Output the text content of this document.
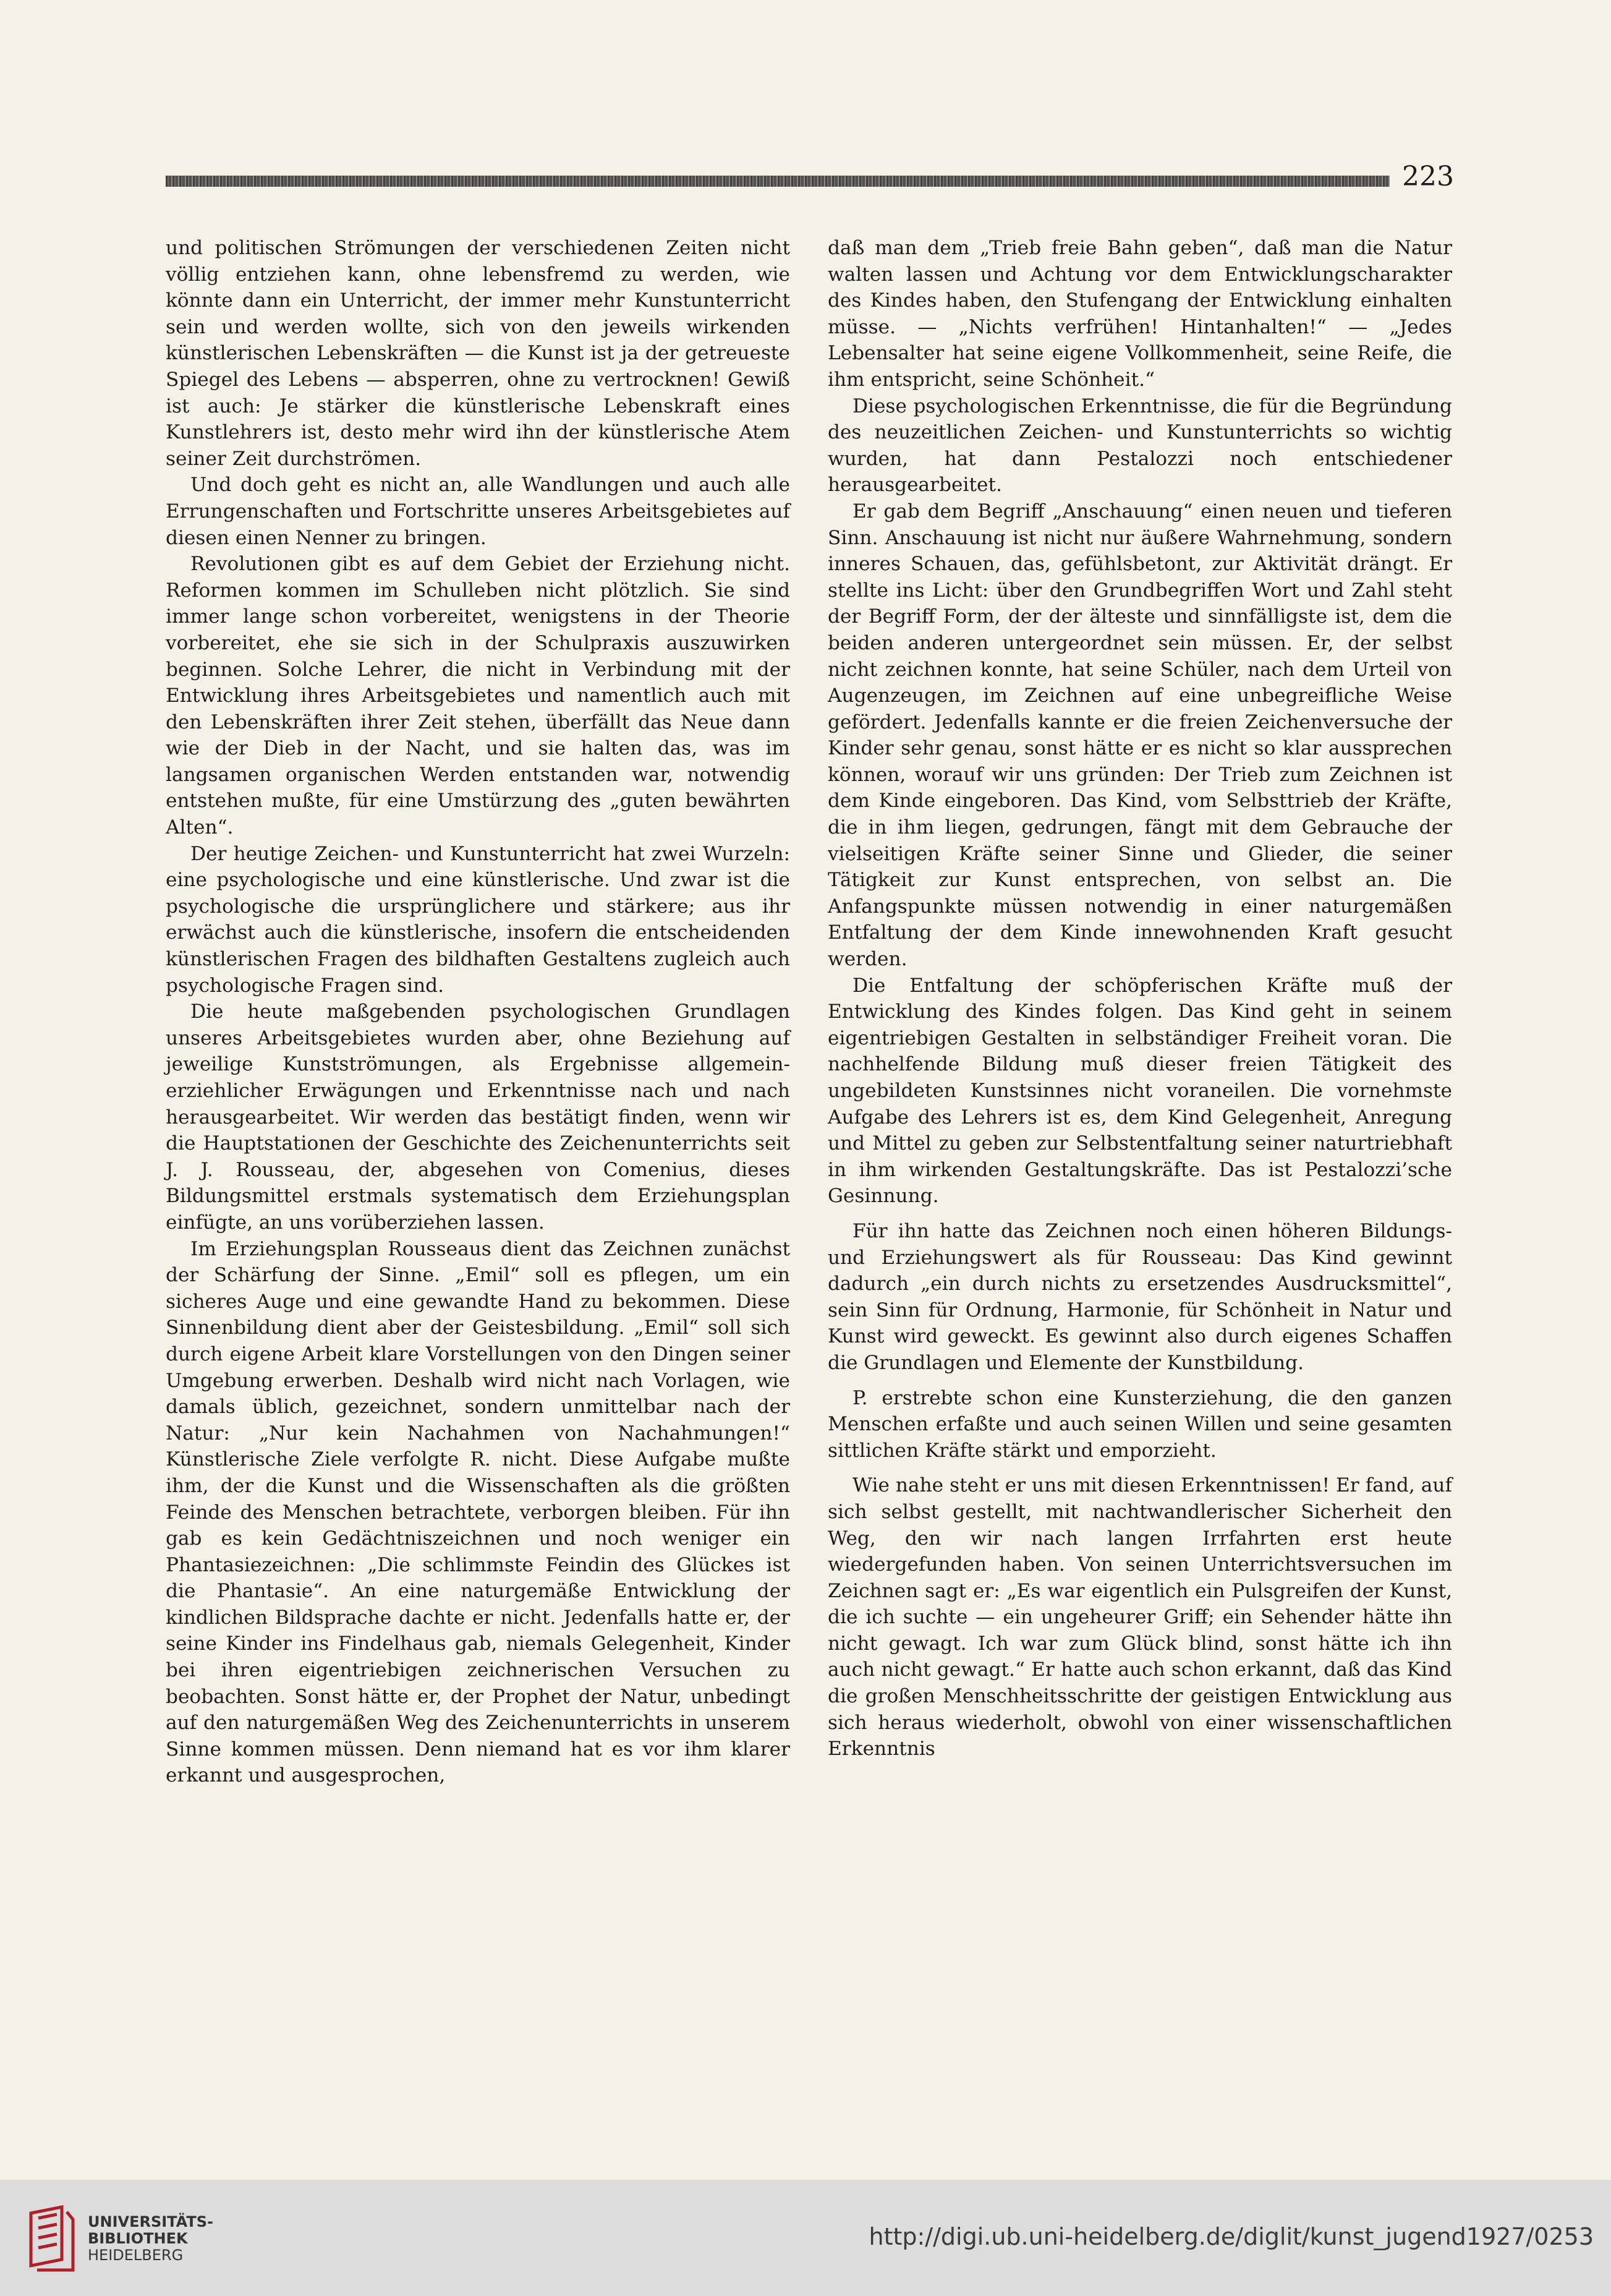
223

und politischen Strömungen der verschiedenen Zeiten nicht völlig entziehen kann, ohne lebensfremd zu werden, wie könnte dann ein Unterricht, der immer mehr Kunstunterricht sein und werden wollte, sich von den jeweils wirkenden künstlerischen Lebenskräften — die Kunst ist ja der getreueste Spiegel des Lebens — absperren, ohne zu vertrocknen! Gewiß ist auch: Je stärker die künstlerische Lebenskraft eines Kunstlehrers ist, desto mehr wird ihn der künstlerische Atem seiner Zeit durchströmen.

Und doch geht es nicht an, alle Wandlungen und auch alle Errungenschaften und Fortschritte unseres Arbeitsgebietes auf diesen einen Nenner zu bringen.

Revolutionen gibt es auf dem Gebiet der Erziehung nicht. Reformen kommen im Schulleben nicht plötzlich. Sie sind immer lange schon vorbereitet, wenigstens in der Theorie vorbereitet, ehe sie sich in der Schulpraxis auszuwirken beginnen. Solche Lehrer, die nicht in Verbindung mit der Entwicklung ihres Arbeitsgebietes und namentlich auch mit den Lebenskräften ihrer Zeit stehen, überfällt das Neue dann wie der Dieb in der Nacht, und sie halten das, was im langsamen organischen Werden entstanden war, notwendig entstehen mußte, für eine Umstürzung des „guten bewährten Alten“.

Der heutige Zeichen- und Kunstunterricht hat zwei Wurzeln: eine psychologische und eine künstlerische. Und zwar ist die psychologische die ursprünglichere und stärkere; aus ihr erwächst auch die künstlerische, insofern die entscheidenden künstlerischen Fragen des bildhaften Gestaltens zugleich auch psychologische Fragen sind.

Die heute maßgebenden psychologischen Grundlagen unseres Arbeitsgebietes wurden aber, ohne Beziehung auf jeweilige Kunstströmungen, als Ergebnisse allgemein-erziehlicher Erwägungen und Erkenntnisse nach und nach herausgearbeitet. Wir werden das bestätigt finden, wenn wir die Hauptstationen der Geschichte des Zeichenunterrichts seit J. J. Rousseau, der, abgesehen von Comenius, dieses Bildungsmittel erstmals systematisch dem Erziehungsplan einfügte, an uns vorüberziehen lassen.

Im Erziehungsplan Rousseaus dient das Zeichnen zunächst der Schärfung der Sinne. „Emil“ soll es pflegen, um ein sicheres Auge und eine gewandte Hand zu bekommen. Diese Sinnenbildung dient aber der Geistesbildung. „Emil“ soll sich durch eigene Arbeit klare Vorstellungen von den Dingen seiner Umgebung erwerben. Deshalb wird nicht nach Vorlagen, wie damals üblich, gezeichnet, sondern unmittelbar nach der Natur: „Nur kein Nachahmen von Nachahmungen!“ Künstlerische Ziele verfolgte R. nicht. Diese Aufgabe mußte ihm, der die Kunst und die Wissenschaften als die größten Feinde des Menschen betrachtete, verborgen bleiben. Für ihn gab es kein Gedächtniszeichnen und noch weniger ein Phantasiezeichnen: „Die schlimmste Feindin des Glückes ist die Phantasie“. An eine naturgemäße Entwicklung der kindlichen Bildsprache dachte er nicht. Jedenfalls hatte er, der seine Kinder ins Findelhaus gab, niemals Gelegenheit, Kinder bei ihren eigentriebigen zeichnerischen Versuchen zu beobachten. Sonst hätte er, der Prophet der Natur, unbedingt auf den naturgemäßen Weg des Zeichenunterrichts in unserem Sinne kommen müssen. Denn niemand hat es vor ihm klarer erkannt und ausgesprochen,

daß man dem „Trieb freie Bahn geben“, daß man die Natur walten lassen und Achtung vor dem Entwicklungscharakter des Kindes haben, den Stufengang der Entwicklung einhalten müsse. — „Nichts verfrühen! Hintanhalten!“ — „Jedes Lebensalter hat seine eigene Vollkommenheit, seine Reife, die ihm entspricht, seine Schönheit.“

Diese psychologischen Erkenntnisse, die für die Begründung des neuzeitlichen Zeichen- und Kunstunterrichts so wichtig wurden, hat dann Pestalozzi noch entschiedener herausgearbeitet.

Er gab dem Begriff „Anschauung“ einen neuen und tieferen Sinn. Anschauung ist nicht nur äußere Wahrnehmung, sondern inneres Schauen, das, gefühlsbetont, zur Aktivität drängt. Er stellte ins Licht: über den Grundbegriffen Wort und Zahl steht der Begriff Form, der der älteste und sinnfälligste ist, dem die beiden anderen untergeordnet sein müssen. Er, der selbst nicht zeichnen konnte, hat seine Schüler, nach dem Urteil von Augenzeugen, im Zeichnen auf eine unbegreifliche Weise gefördert. Jedenfalls kannte er die freien Zeichenversuche der Kinder sehr genau, sonst hätte er es nicht so klar aussprechen können, worauf wir uns gründen: Der Trieb zum Zeichnen ist dem Kinde eingeboren. Das Kind, vom Selbsttrieb der Kräfte, die in ihm liegen, gedrungen, fängt mit dem Gebrauche der vielseitigen Kräfte seiner Sinne und Glieder, die seiner Tätigkeit zur Kunst entsprechen, von selbst an. Die Anfangspunkte müssen notwendig in einer naturgemäßen Entfaltung der dem Kinde innewohnenden Kraft gesucht werden.

Die Entfaltung der schöpferischen Kräfte muß der Entwicklung des Kindes folgen. Das Kind geht in seinem eigentriebigen Gestalten in selbständiger Freiheit voran. Die nachhelfende Bildung muß dieser freien Tätigkeit des ungebildeten Kunstsinnes nicht voraneilen. Die vornehmste Aufgabe des Lehrers ist es, dem Kind Gelegenheit, Anregung und Mittel zu geben zur Selbstentfaltung seiner naturtriebhaft in ihm wirkenden Gestaltungskräfte. Das ist Pestalozzi’sche Gesinnung.

Für ihn hatte das Zeichnen noch einen höheren Bildungs- und Erziehungswert als für Rousseau: Das Kind gewinnt dadurch „ein durch nichts zu ersetzendes Ausdrucksmittel“, sein Sinn für Ordnung, Harmonie, für Schönheit in Natur und Kunst wird geweckt. Es gewinnt also durch eigenes Schaffen die Grundlagen und Elemente der Kunstbildung.

P. erstrebte schon eine Kunsterziehung, die den ganzen Menschen erfaßte und auch seinen Willen und seine gesamten sittlichen Kräfte stärkt und emporzieht.

Wie nahe steht er uns mit diesen Erkenntnissen! Er fand, auf sich selbst gestellt, mit nachtwandlerischer Sicherheit den Weg, den wir nach langen Irrfahrten erst heute wiedergefunden haben. Von seinen Unterrichtsversuchen im Zeichnen sagt er: „Es war eigentlich ein Pulsgreifen der Kunst, die ich suchte — ein ungeheurer Griff; ein Sehender hätte ihn nicht gewagt. Ich war zum Glück blind, sonst hätte ich ihn auch nicht gewagt.“ Er hatte auch schon erkannt, daß das Kind die großen Menschheitsschritte der geistigen Entwicklung aus sich heraus wiederholt, obwohl von einer wissenschaftlichen Erkenntnis

UNIVERSITÄTS-
BIBLIOTHEK
HEIDELBERG
http://digi.ub.uni-heidelberg.de/diglit/kunst_jugend1927/0253
